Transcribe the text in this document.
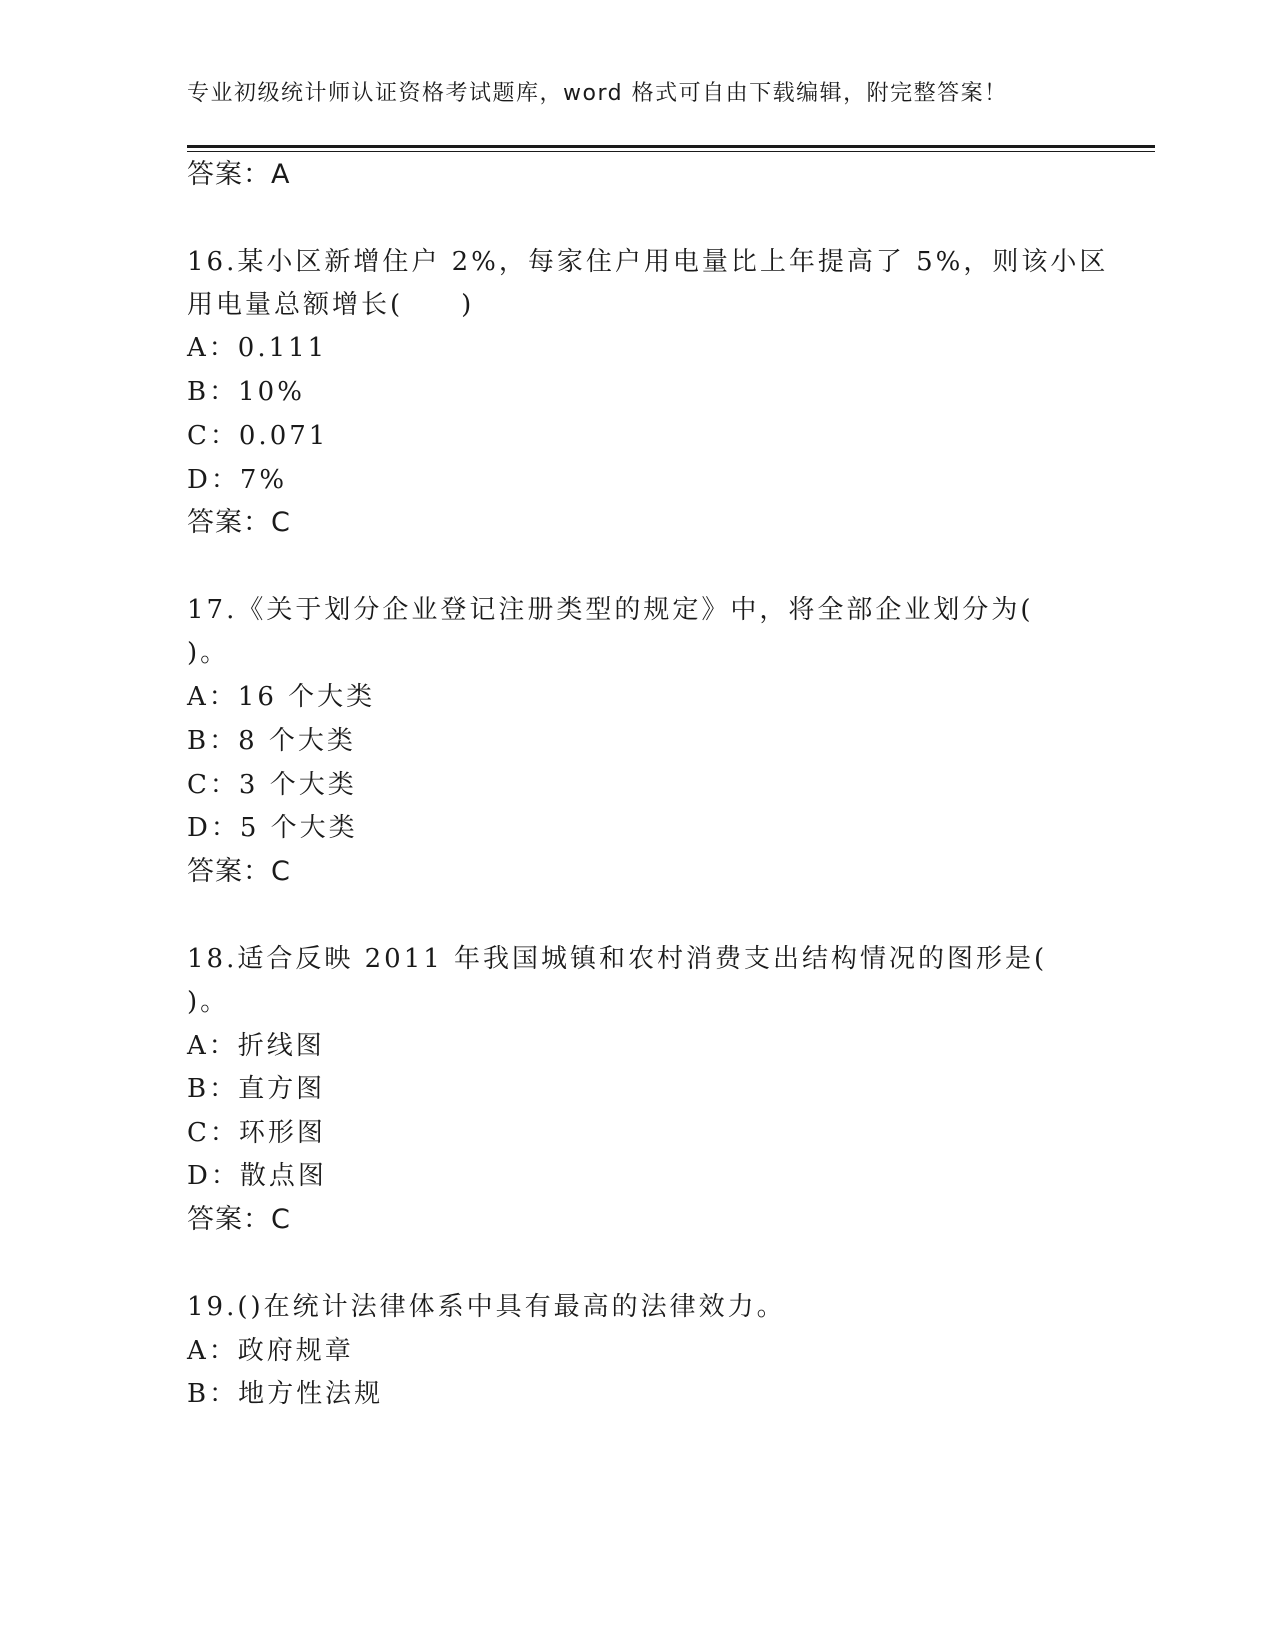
专业初级统计师认证资格考试题库，word 格式可自由下载编辑，附完整答案！
答案：A
16.某小区新增住户 2%，每家住户用电量比上年提高了 5%，则该小区
用电量总额增长(　　)
A：0.111
B：10%
C：0.071
D：7%
答案：C
17.《关于划分企业登记注册类型的规定》中，将全部企业划分为(
)。
A：16 个大类
B：8 个大类
C：3 个大类
D：5 个大类
答案：C
18.适合反映 2011 年我国城镇和农村消费支出结构情况的图形是(
)。
A：折线图
B：直方图
C：环形图
D：散点图
答案：C
19.()在统计法律体系中具有最高的法律效力。
A：政府规章
B：地方性法规
